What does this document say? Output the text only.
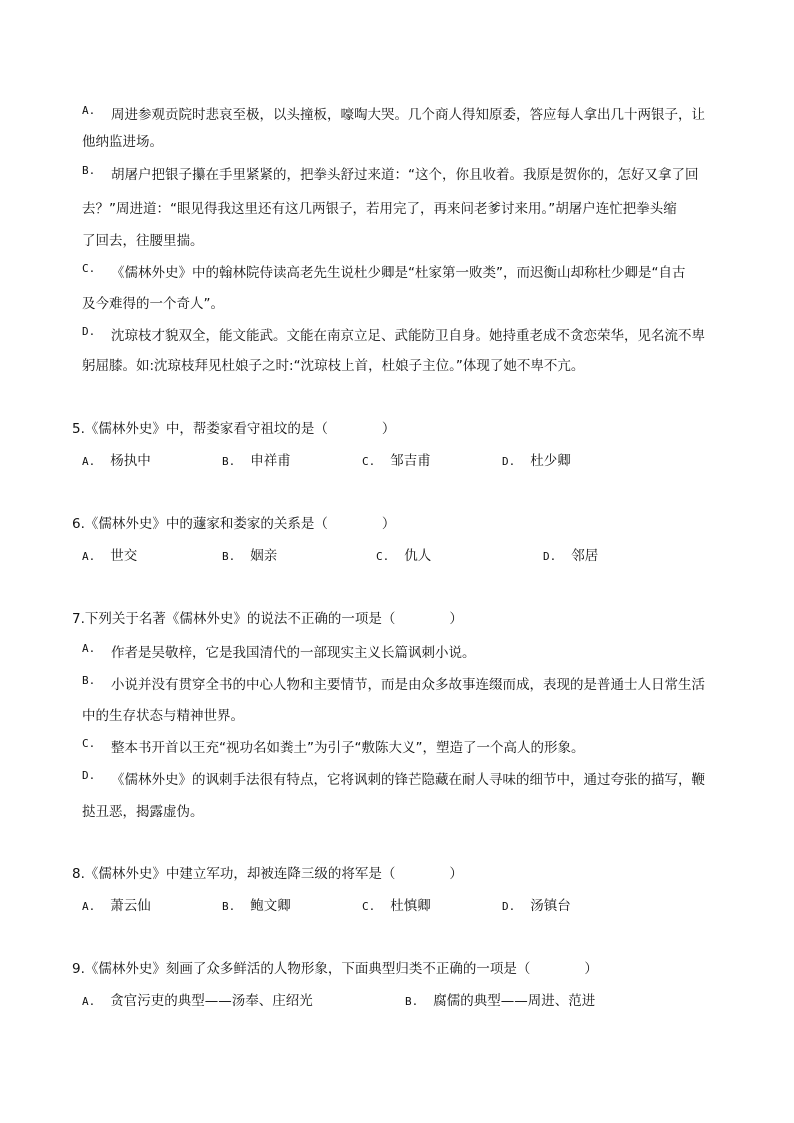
A. 周进参观贡院时悲哀至极，以头撞板，嚎啕大哭。几个商人得知原委，答应每人拿出几十两银子，让
他纳监进场。
B. 胡屠户把银子攥在手里紧紧的，把拳头舒过来道：“这个，你且收着。我原是贺你的，怎好又拿了回
去？”周进道：“眼见得我这里还有这几两银子，若用完了，再来问老爹讨来用。”胡屠户连忙把拳头缩
了回去，往腰里揣。
C. 《儒林外史》中的翰林院侍读高老先生说杜少卿是“杜家第一败类”，而迟衡山却称杜少卿是“自古
及今难得的一个奇人”。
D. 沈琼枝才貌双全，能文能武。文能在南京立足、武能防卫自身。她持重老成不贪恋荣华，见名流不卑
躬屈膝。如:沈琼枝拜见杜娘子之时:“沈琼枝上首，杜娘子主位。”体现了她不卑不亢。
5.《儒林外史》中，帮娄家看守祖坟的是（　　　　）
A. 杨执中	B. 申祥甫	C. 邹吉甫	D. 杜少卿
6.《儒林外史》中的蘧家和娄家的关系是（　　　　）
A. 世交	B. 姻亲	C. 仇人	D. 邻居
7.下列关于名著《儒林外史》的说法不正确的一项是（　　　　）
A. 作者是吴敬梓，它是我国清代的一部现实主义长篇讽刺小说。
B. 小说并没有贯穿全书的中心人物和主要情节，而是由众多故事连缀而成，表现的是普通士人日常生活
中的生存状态与精神世界。
C. 整本书开首以王充“视功名如粪土”为引子“敷陈大义”，塑造了一个高人的形象。
D. 《儒林外史》的讽刺手法很有特点，它将讽刺的锋芒隐藏在耐人寻味的细节中，通过夸张的描写，鞭
挞丑恶，揭露虚伪。
8.《儒林外史》中建立军功，却被连降三级的将军是（　　　　）
A. 萧云仙	B. 鲍文卿	C. 杜慎卿	D. 汤镇台
9.《儒林外史》刻画了众多鲜活的人物形象，下面典型归类不正确的一项是（　　　　）
A. 贪官污吏的典型——汤奉、庄绍光	B. 腐儒的典型——周进、范进
